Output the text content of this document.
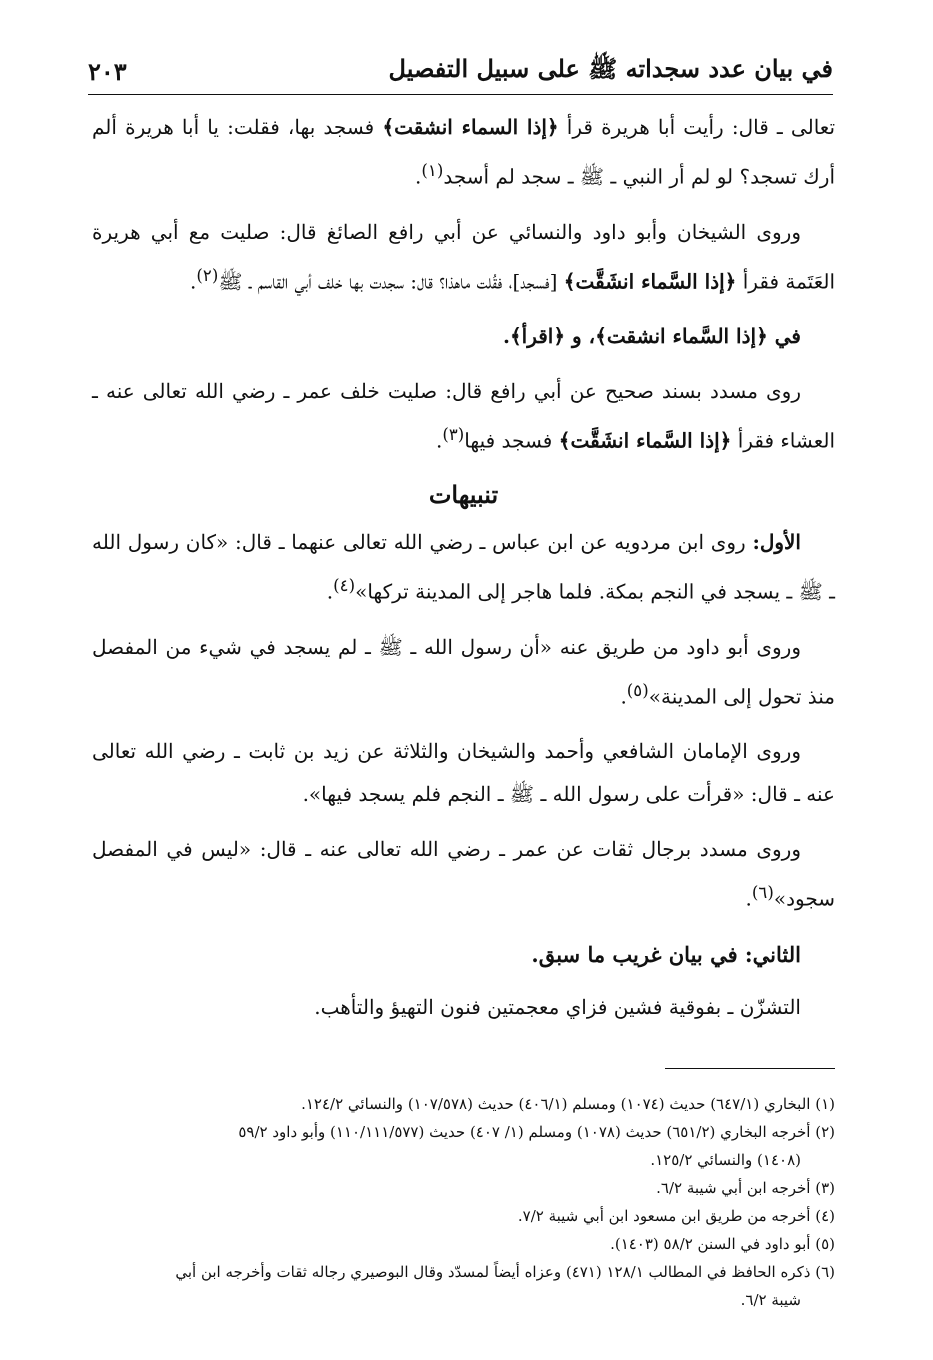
في بيان عدد سجداته ﷺ على سبيل التفصيل
٢٠٣

تعالى ـ قال: رأيت أبا هريرة قرأ ﴿إذا السماء انشقت﴾ فسجد بها، فقلت: يا أبا هريرة ألم أرك تسجد؟ لو لم أر النبي ـ ﷺ ـ سجد لم أسجد$^{(١)}$.

وروى الشيخان وأبو داود والنسائي عن أبي رافع الصائغ قال: صليت مع أبي هريرة العَتَمة فقرأ ﴿إذا السَّماء انشَقَّت﴾ [فسجد]، فقُلت ماهذا؟ قال: سجدت بها خلف أبي القاسم ـ ﷺ$^{(٢)}$.

في ﴿إذا السَّماء انشقت﴾، و ﴿اقرأ﴾.

روى مسدد بسند صحيح عن أبي رافع قال: صليت خلف عمر ـ رضي الله تعالى عنه ـ العشاء فقرأ ﴿إذا السَّماء انشَقَّت﴾ فسجد فيها$^{(٣)}$.

تنبيهات

الأول: روى ابن مردويه عن ابن عباس ـ رضي الله تعالى عنهما ـ قال: «كان رسول الله ـ ﷺ ـ يسجد في النجم بمكة. فلما هاجر إلى المدينة تركها»$^{(٤)}$.

وروى أبو داود من طريق عنه «أن رسول الله ـ ﷺ ـ لم يسجد في شيء من المفصل منذ تحول إلى المدينة»$^{(٥)}$.

وروى الإمامان الشافعي وأحمد والشيخان والثلاثة عن زيد بن ثابت ـ رضي الله تعالى عنه ـ قال: «قرأت على رسول الله ـ ﷺ ـ النجم فلم يسجد فيها».

وروى مسدد برجال ثقات عن عمر ـ رضي الله تعالى عنه ـ قال: «ليس في المفصل سجود»$^{(٦)}$.

الثاني: في بيان غريب ما سبق.

التشزّن ـ بفوقية فشين فزاي معجمتين فنون التهيؤ والتأهب.

(١) البخاري (٦٤٧/١) حديث (١٠٧٤) ومسلم (٤٠٦/١) حديث (١٠٧/٥٧٨) والنسائي ١٢٤/٢.

(٢) أخرجه البخاري (٦٥١/٢) حديث (١٠٧٨) ومسلم (١/ ٤٠٧) حديث (١١٠/١١١/٥٧٧) وأبو داود ٥٩/٢
(١٤٠٨) والنسائي ١٢٥/٢.

(٣) أخرجه ابن أبي شيبة ٦/٢.

(٤) أخرجه من طريق ابن مسعود ابن أبي شيبة ٧/٢.

(٥) أبو داود في السنن ٥٨/٢ (١٤٠٣).

(٦) ذكره الحافظ في المطالب ١٢٨/١ (٤٧١) وعزاه أيضاً لمسدّد وقال البوصيري رجاله ثقات وأخرجه ابن أبي
شيبة ٦/٢.
